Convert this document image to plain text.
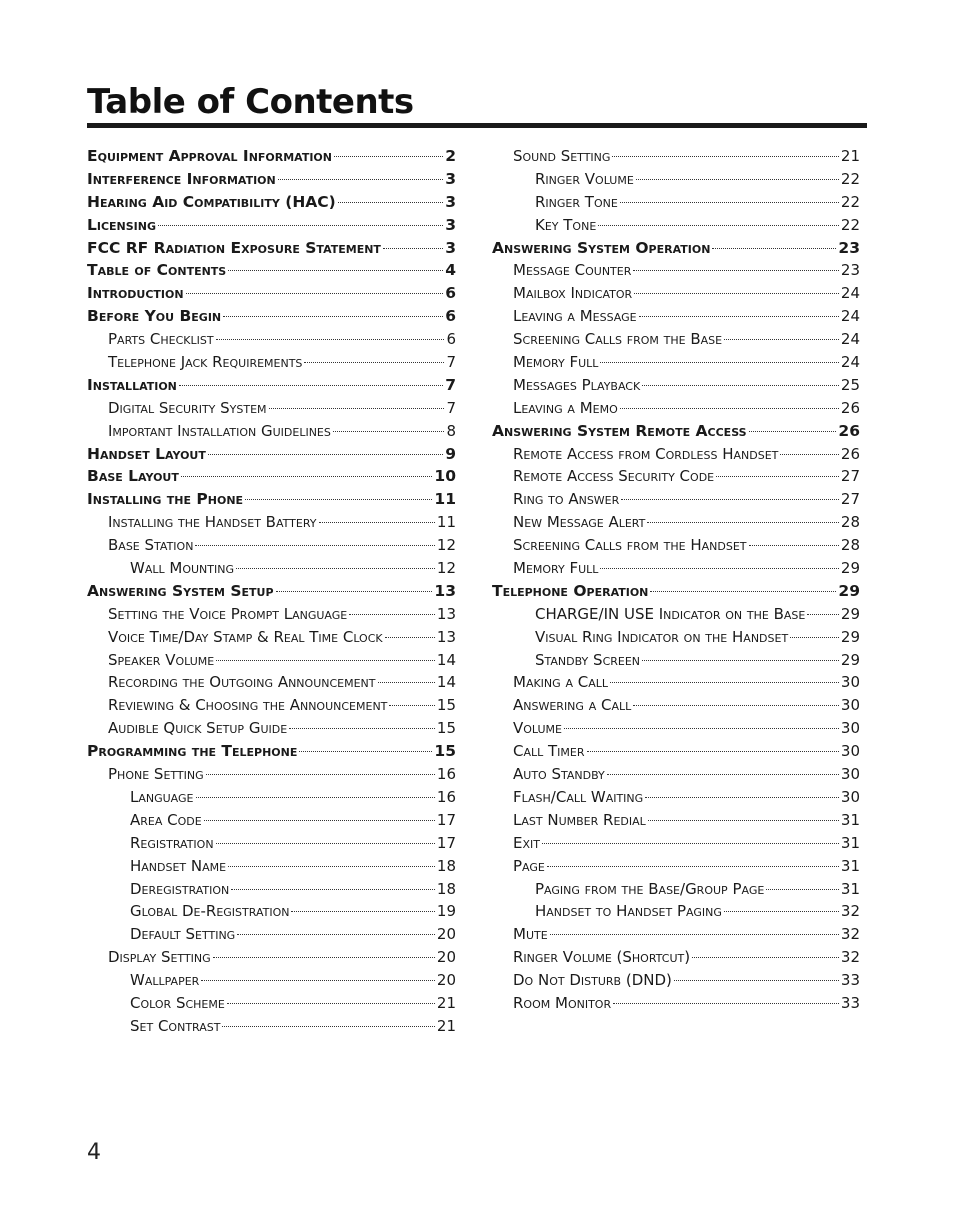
Table of Contents
Equipment Approval Information	2
Interference Information	3
Hearing Aid Compatibility (HAC)	3
Licensing	3
FCC RF Radiation Exposure Statement	3
Table of Contents	4
Introduction	6
Before You Begin	6
Parts Checklist	6
Telephone Jack Requirements	7
Installation	7
Digital Security System	7
Important Installation Guidelines	8
Handset Layout	9
Base Layout	10
Installing the Phone	11
Installing the Handset Battery	11
Base Station	12
Wall Mounting	12
Answering System Setup	13
Setting the Voice Prompt Language	13
Voice Time/Day Stamp & Real Time Clock	13
Speaker Volume	14
Recording the Outgoing Announcement	14
Reviewing & Choosing the Announcement	15
Audible Quick Setup Guide	15
Programming the Telephone	15
Phone Setting	16
Language	16
Area Code	17
Registration	17
Handset Name	18
Deregistration	18
Global De-Registration	19
Default Setting	20
Display Setting	20
Wallpaper	20
Color Scheme	21
Set Contrast	21
Sound Setting	21
Ringer Volume	22
Ringer Tone	22
Key Tone	22
Answering System Operation	23
Message Counter	23
Mailbox Indicator	24
Leaving a Message	24
Screening Calls from the Base	24
Memory Full	24
Messages Playback	25
Leaving a Memo	26
Answering System Remote Access	26
Remote Access from Cordless Handset	26
Remote Access Security Code	27
Ring to Answer	27
New Message Alert	28
Screening Calls from the Handset	28
Memory Full	29
Telephone Operation	29
CHARGE/IN USE Indicator on the Base 29
Visual Ring Indicator on the Handset	29
Standby Screen	29
Making a Call	30
Answering a Call	30
Volume	30
Call Timer	30
Auto Standby	30
Flash/Call Waiting	30
Last Number Redial	31
Exit	31
Page	31
Paging from the Base/Group Page	31
Handset to Handset Paging	32
Mute	32
Ringer Volume (Shortcut)	32
Do Not Disturb (DND)	33
Room Monitor	33
4
